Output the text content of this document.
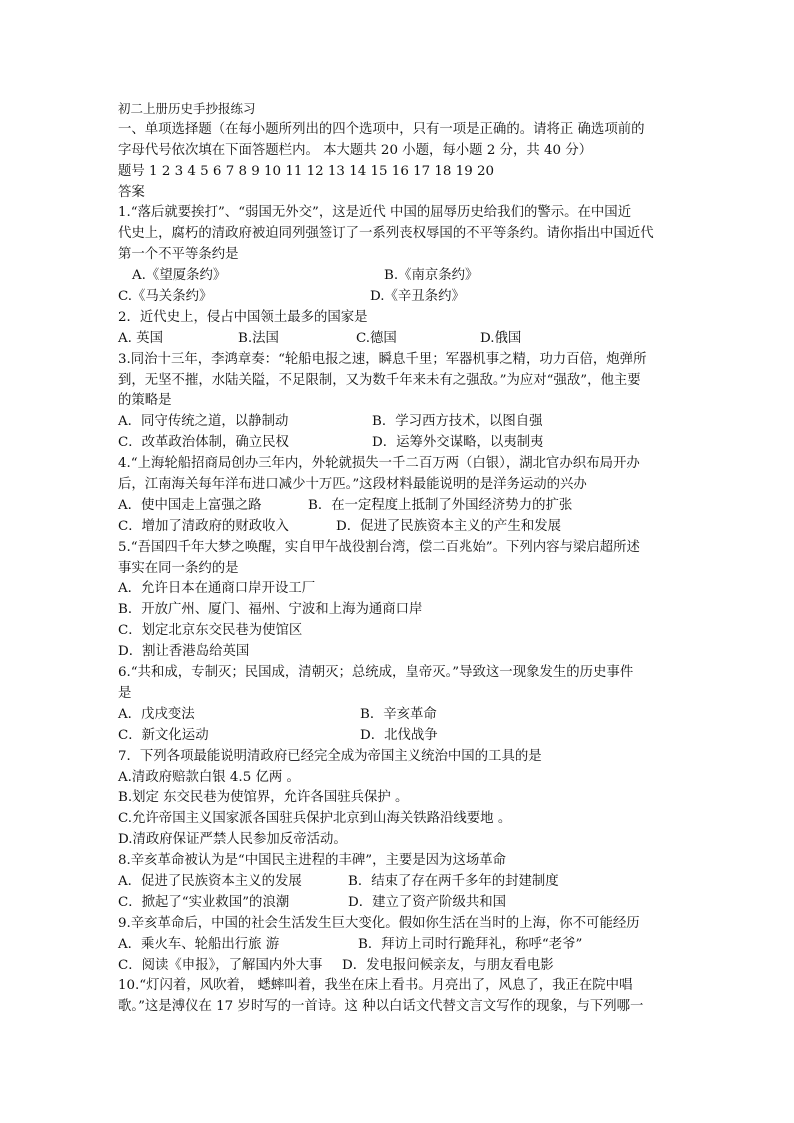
初二上册历史手抄报练习
一、单项选择题（在每小题所列出的四个选项中，只有一项是正确的。请将正 确选项前的
字母代号依次填在下面答题栏内。 本大题共 20 小题，每小题 2 分，共 40 分）
题号 1 2 3 4 5 6 7 8 9 10 11 12 13 14 15 16 17 18 19 20
答案
1.“落后就要挨打”、“弱国无外交”，这是近代 中国的屈辱历史给我们的警示。在中国近
代史上，腐朽的清政府被迫同列强签订了一系列丧权辱国的不平等条约。请你指出中国近代
第一个不平等条约是
A.《望厦条约》	B.《南京条约》
C.《马关条约》	D.《辛丑条约》
2．近代史上，侵占中国领土最多的国家是
A. 英国	B.法国	C.德国	D.俄国
3.同治十三年，李鸿章奏：“轮船电报之速，瞬息千里；军器机事之精，功力百倍，炮弹所
到，无坚不摧，水陆关隘，不足限制，又为数千年来未有之强敌。”为应对“强敌”，他主要
的策略是
A．同守传统之道，以静制动	B．学习西方技术，以图自强
C．改革政治体制，确立民权	D．运筹外交谋略，以夷制夷
4.“上海轮船招商局创办三年内，外轮就损失一千二百万两（白银），湖北官办织布局开办
后，江南海关每年洋布进口减少十万匹。”这段材料最能说明的是洋务运动的兴办
A．使中国走上富强之路	B．在一定程度上抵制了外国经济势力的扩张
C．增加了清政府的财政收入	D．促进了民族资本主义的产生和发展
5.“吾国四千年大梦之唤醒，实自甲午战役割台湾，偿二百兆始”。下列内容与梁启超所述
事实在同一条约的是
A．允许日本在通商口岸开设工厂
B．开放广州、厦门、福州、宁波和上海为通商口岸
C．划定北京东交民巷为使馆区
D．割让香港岛给英国
6.“共和成，专制灭；民国成，清朝灭；总统成，皇帝灭。”导致这一现象发生的历史事件
是
A．戊戌变法	B．辛亥革命
C．新文化运动	D．北伐战争
7．下列各项最能说明清政府已经完全成为帝国主义统治中国的工具的是
A.清政府赔款白银 4.5 亿两 。
B.划定 东交民巷为使馆界，允许各国驻兵保护 。
C.允许帝国主义国家派各国驻兵保护北京到山海关铁路沿线要地 。
D.清政府保证严禁人民参加反帝活动。
8.辛亥革命被认为是“中国民主进程的丰碑”，主要是因为这场革命
A．促进了民族资本主义的发展	B．结束了存在两千多年的封建制度
C．掀起了“实业救国”的浪潮	D．建立了资产阶级共和国
9.辛亥革命后，中国的社会生活发生巨大变化。假如你生活在当时的上海，你不可能经历
A．乘火车、轮船出行旅 游	B．拜访上司时行跪拜礼，称呼“老爷”
C．阅读《申报》，了解国内外大事	D．发电报问候亲友，与朋友看电影
10.“灯闪着，风吹着， 蟋蟀叫着，我坐在床上看书。月亮出了，风息了，我正在院中唱
歌。”这是溥仪在 17 岁时写的一首诗。这 种以白话文代替文言文写作的现象，与下列哪一
